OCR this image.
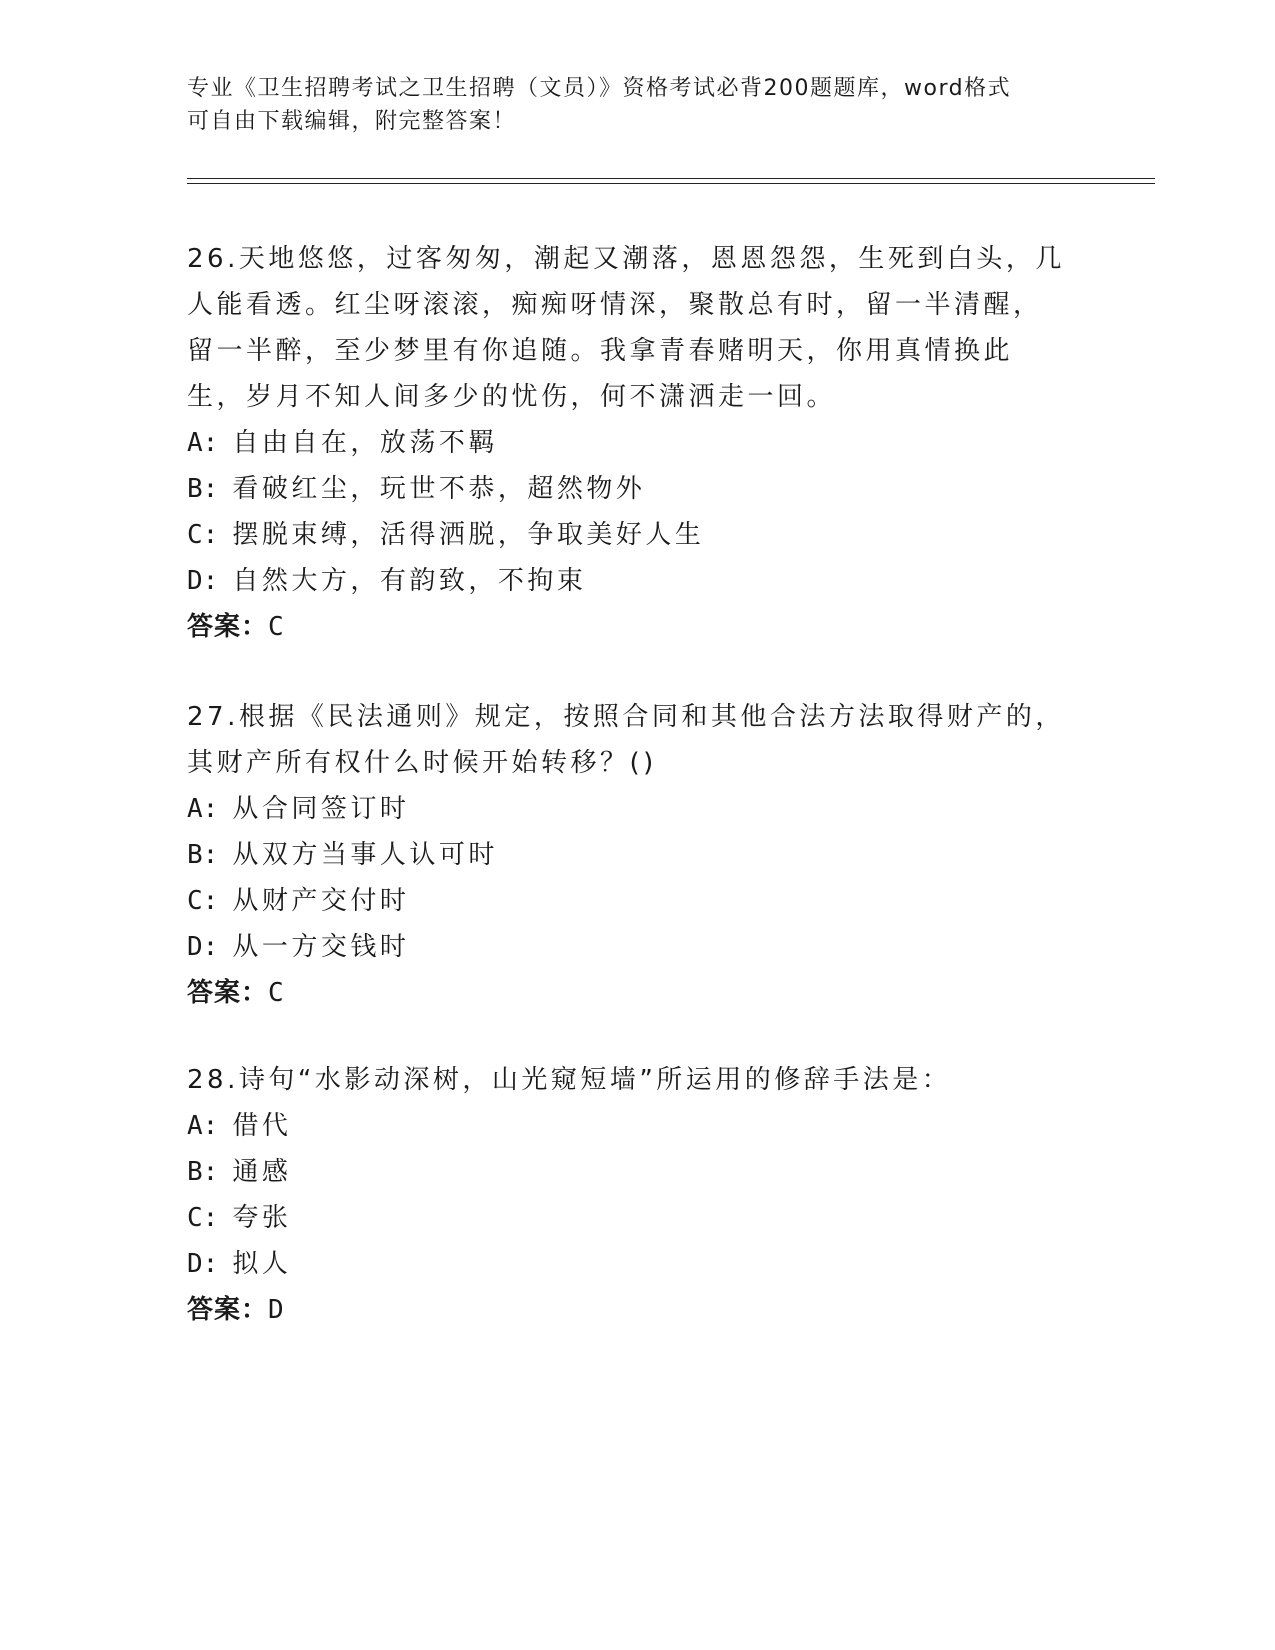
专业《卫生招聘考试之卫生招聘（文员）》资格考试必背200题题库，word格式
可自由下载编辑，附完整答案！

26.天地悠悠，过客匆匆，潮起又潮落，恩恩怨怨，生死到白头，几人能看透。红尘呀滚滚，痴痴呀情深，聚散总有时，留一半清醒，留一半醉，至少梦里有你追随。我拿青春赌明天，你用真情换此生，岁月不知人间多少的忧伤，何不潇洒走一回。

A: 自由自在，放荡不羁

B: 看破红尘，玩世不恭，超然物外

C: 摆脱束缚，活得洒脱，争取美好人生

D: 自然大方，有韵致，不拘束

答案：C

27.根据《民法通则》规定，按照合同和其他合法方法取得财产的，其财产所有权什么时候开始转移？()

A: 从合同签订时

B: 从双方当事人认可时

C: 从财产交付时

D: 从一方交钱时

答案：C

28.诗句“水影动深树，山光窥短墙”所运用的修辞手法是：

A: 借代

B: 通感

C: 夸张

D: 拟人

答案：D
